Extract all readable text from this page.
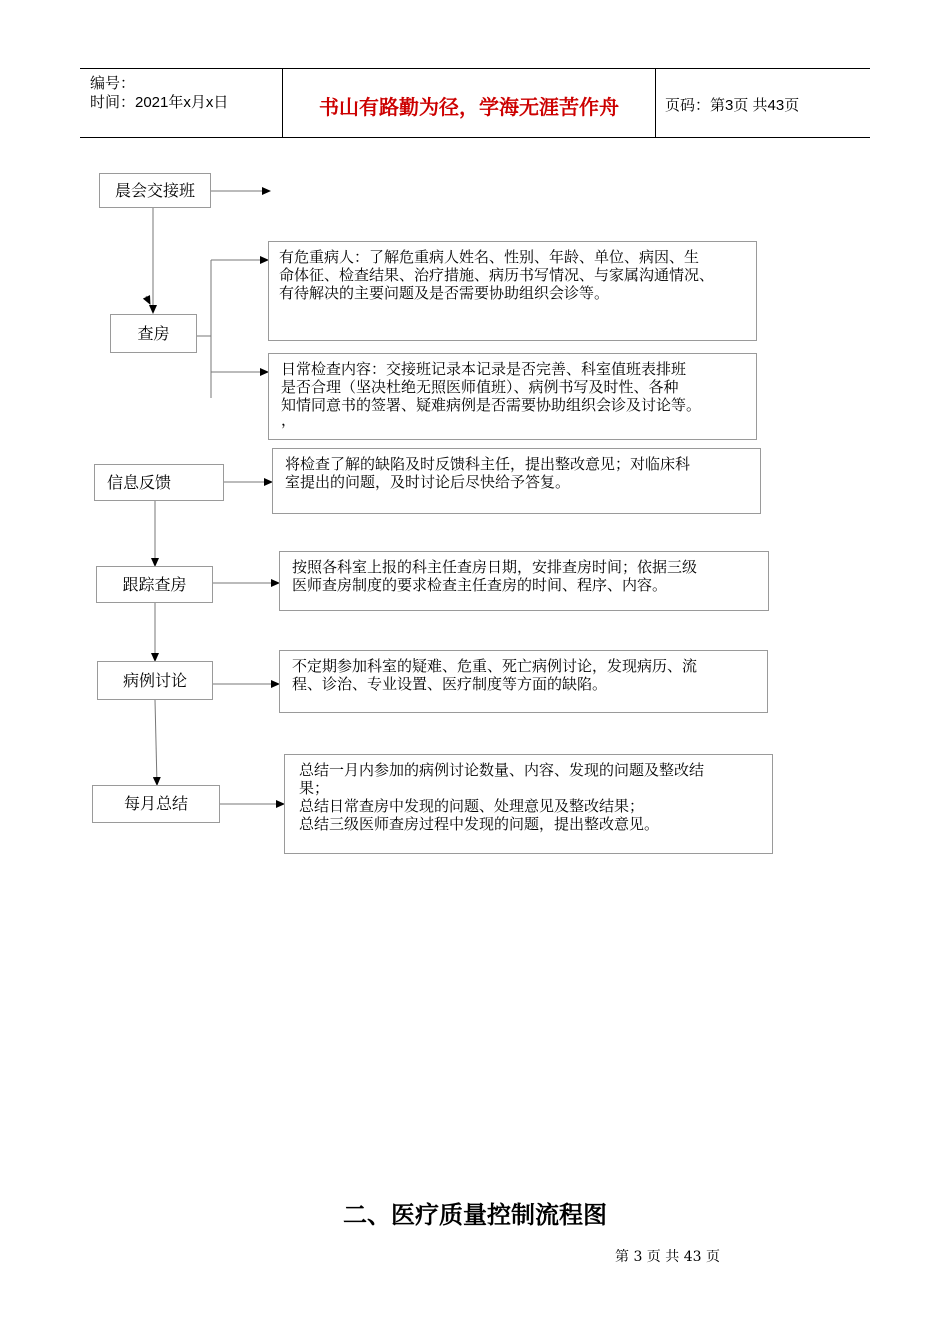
编号：
时间：2021年x月x日	书山有路勤为径，学海无涯苦作舟	页码：第3页 共43页
晨会交接班
查房
信息反馈
跟踪查房
病例讨论
每月总结
有危重病人：了解危重病人姓名、性别、年龄、单位、病因、生
命体征、检查结果、治疗措施、病历书写情况、与家属沟通情况、
有待解决的主要问题及是否需要协助组织会诊等。
日常检查内容：交接班记录本记录是否完善、科室值班表排班
是否合理（坚决杜绝无照医师值班）、病例书写及时性、各种
知情同意书的签署、疑难病例是否需要协助组织会诊及讨论等。
，
将检查了解的缺陷及时反馈科主任，提出整改意见；对临床科
室提出的问题，及时讨论后尽快给予答复。
按照各科室上报的科主任查房日期，安排查房时间；依据三级
医师查房制度的要求检查主任查房的时间、程序、内容。
不定期参加科室的疑难、危重、死亡病例讨论，发现病历、流
程、诊治、专业设置、医疗制度等方面的缺陷。
总结一月内参加的病例讨论数量、内容、发现的问题及整改结
果；
总结日常查房中发现的问题、处理意见及整改结果；
总结三级医师查房过程中发现的问题，提出整改意见。
二、医疗质量控制流程图
第 3 页 共 43 页
